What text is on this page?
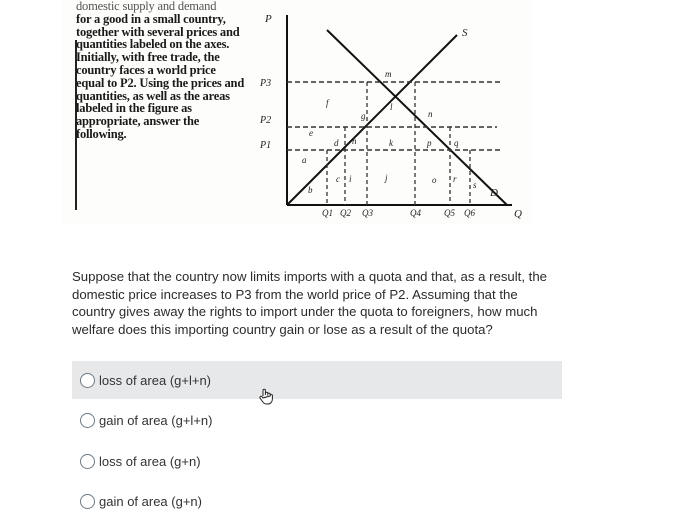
domestic supply and demand

for a good in a small country, together with several prices and quantities labeled on the axes.

Initially, with free trade, the country faces a world price equal to P2. Using the prices and quantities, as well as the areas labeled in the figure as appropriate, answer the following.

P
Q
S
D
P3
P2
P1
Q1 Q2 Q3	Q4	Q5 Q6
a
b
c
d
e
f
g
h
i	j
k
l
m
n
o
p	q
r
s
Suppose that the country now limits imports with a quota and that, as a result, the domestic price increases to P3 from the world price of P2. Assuming that the country gives away the rights to import under the quota to foreigners, how much welfare does this importing country gain or lose as a result of the quota?
loss of area (g+l+n)
gain of area (g+l+n)
loss of area (g+n)
gain of area (g+n)
